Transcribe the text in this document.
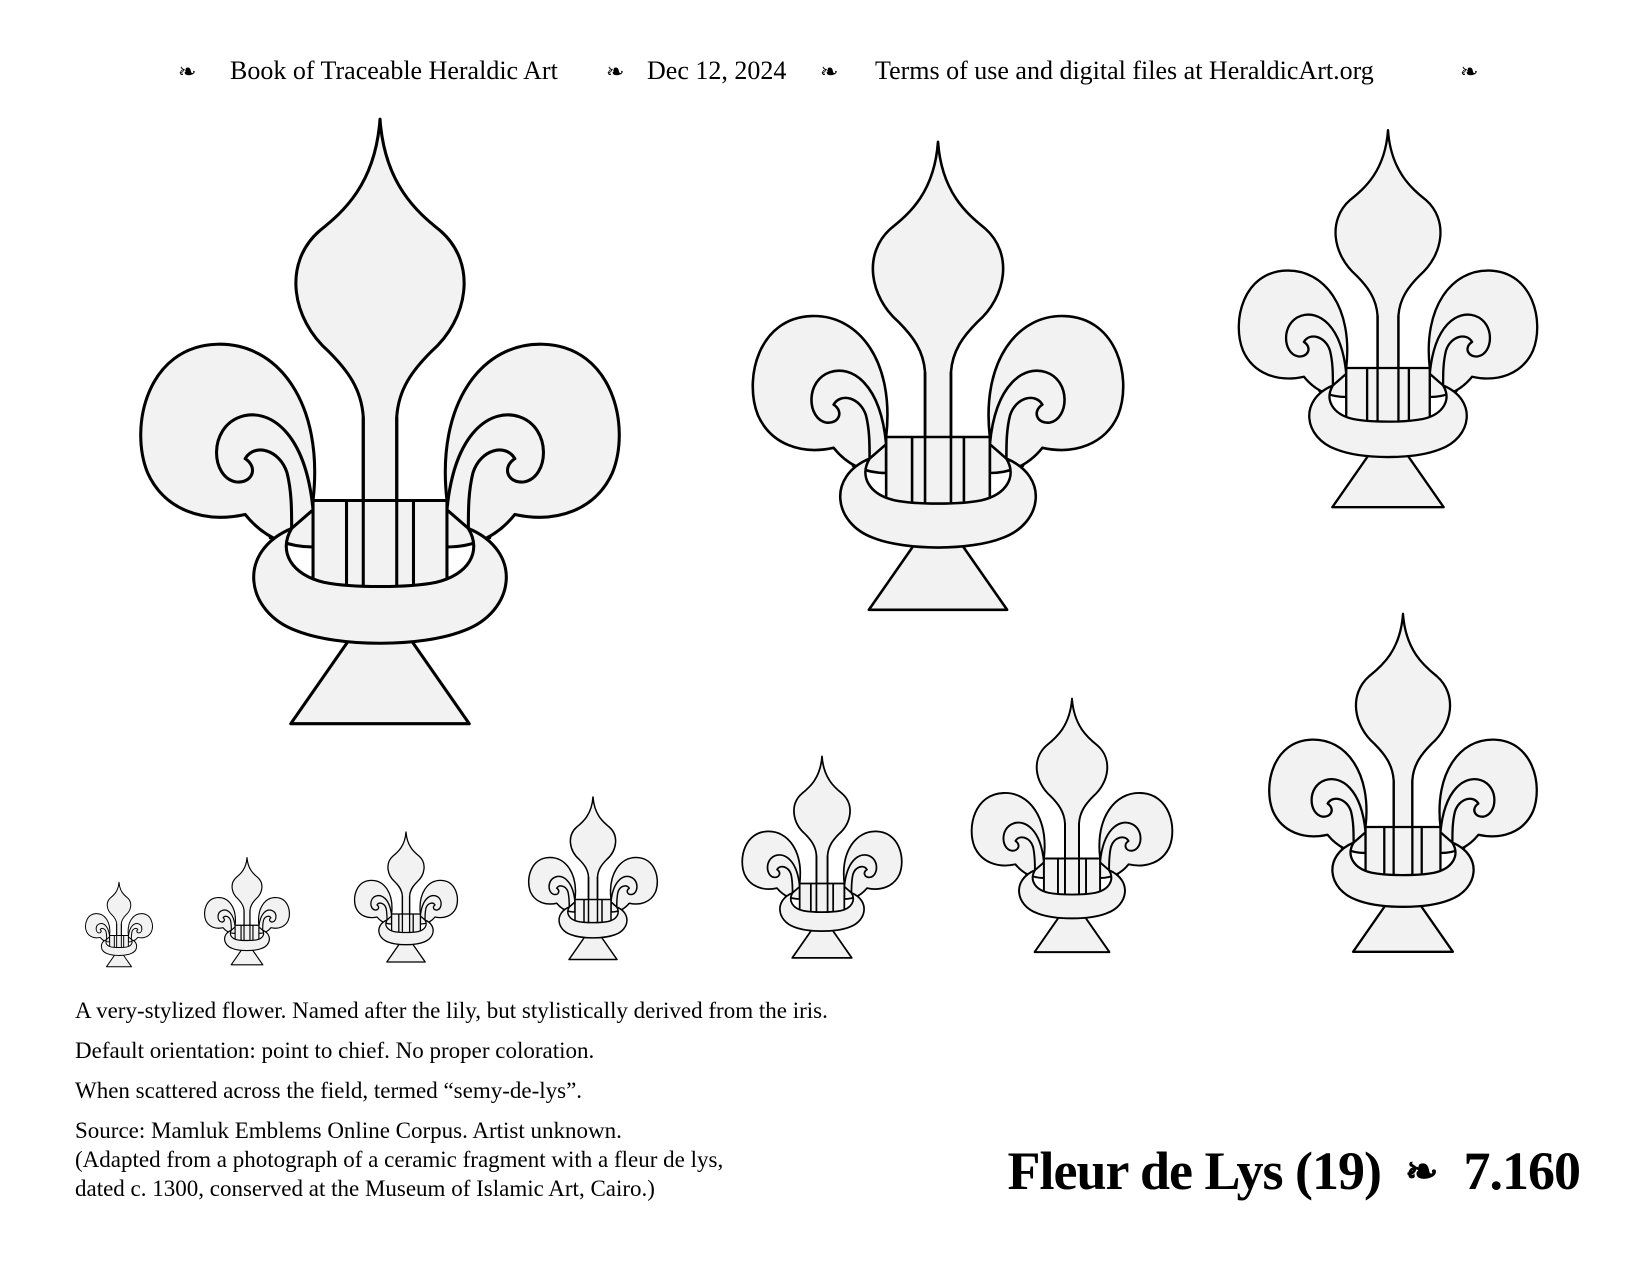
❧ Book of Traceable Heraldic Art ❧ Dec 12, 2024 ❧ Terms of use and digital files at HeraldicArt.org	❧

A very-stylized flower. Named after the lily, but stylistically derived from the iris.

Default orientation: point to chief. No proper coloration.

When scattered across the field, termed “semy-de-lys”.

Source: Mamluk Emblems Online Corpus. Artist unknown.

(Adapted from a photograph of a ceramic fragment with a fleur de lys,

dated c. 1300, conserved at the Museum of Islamic Art, Cairo.)	Fleur de Lys (19) ❧ 7.160
